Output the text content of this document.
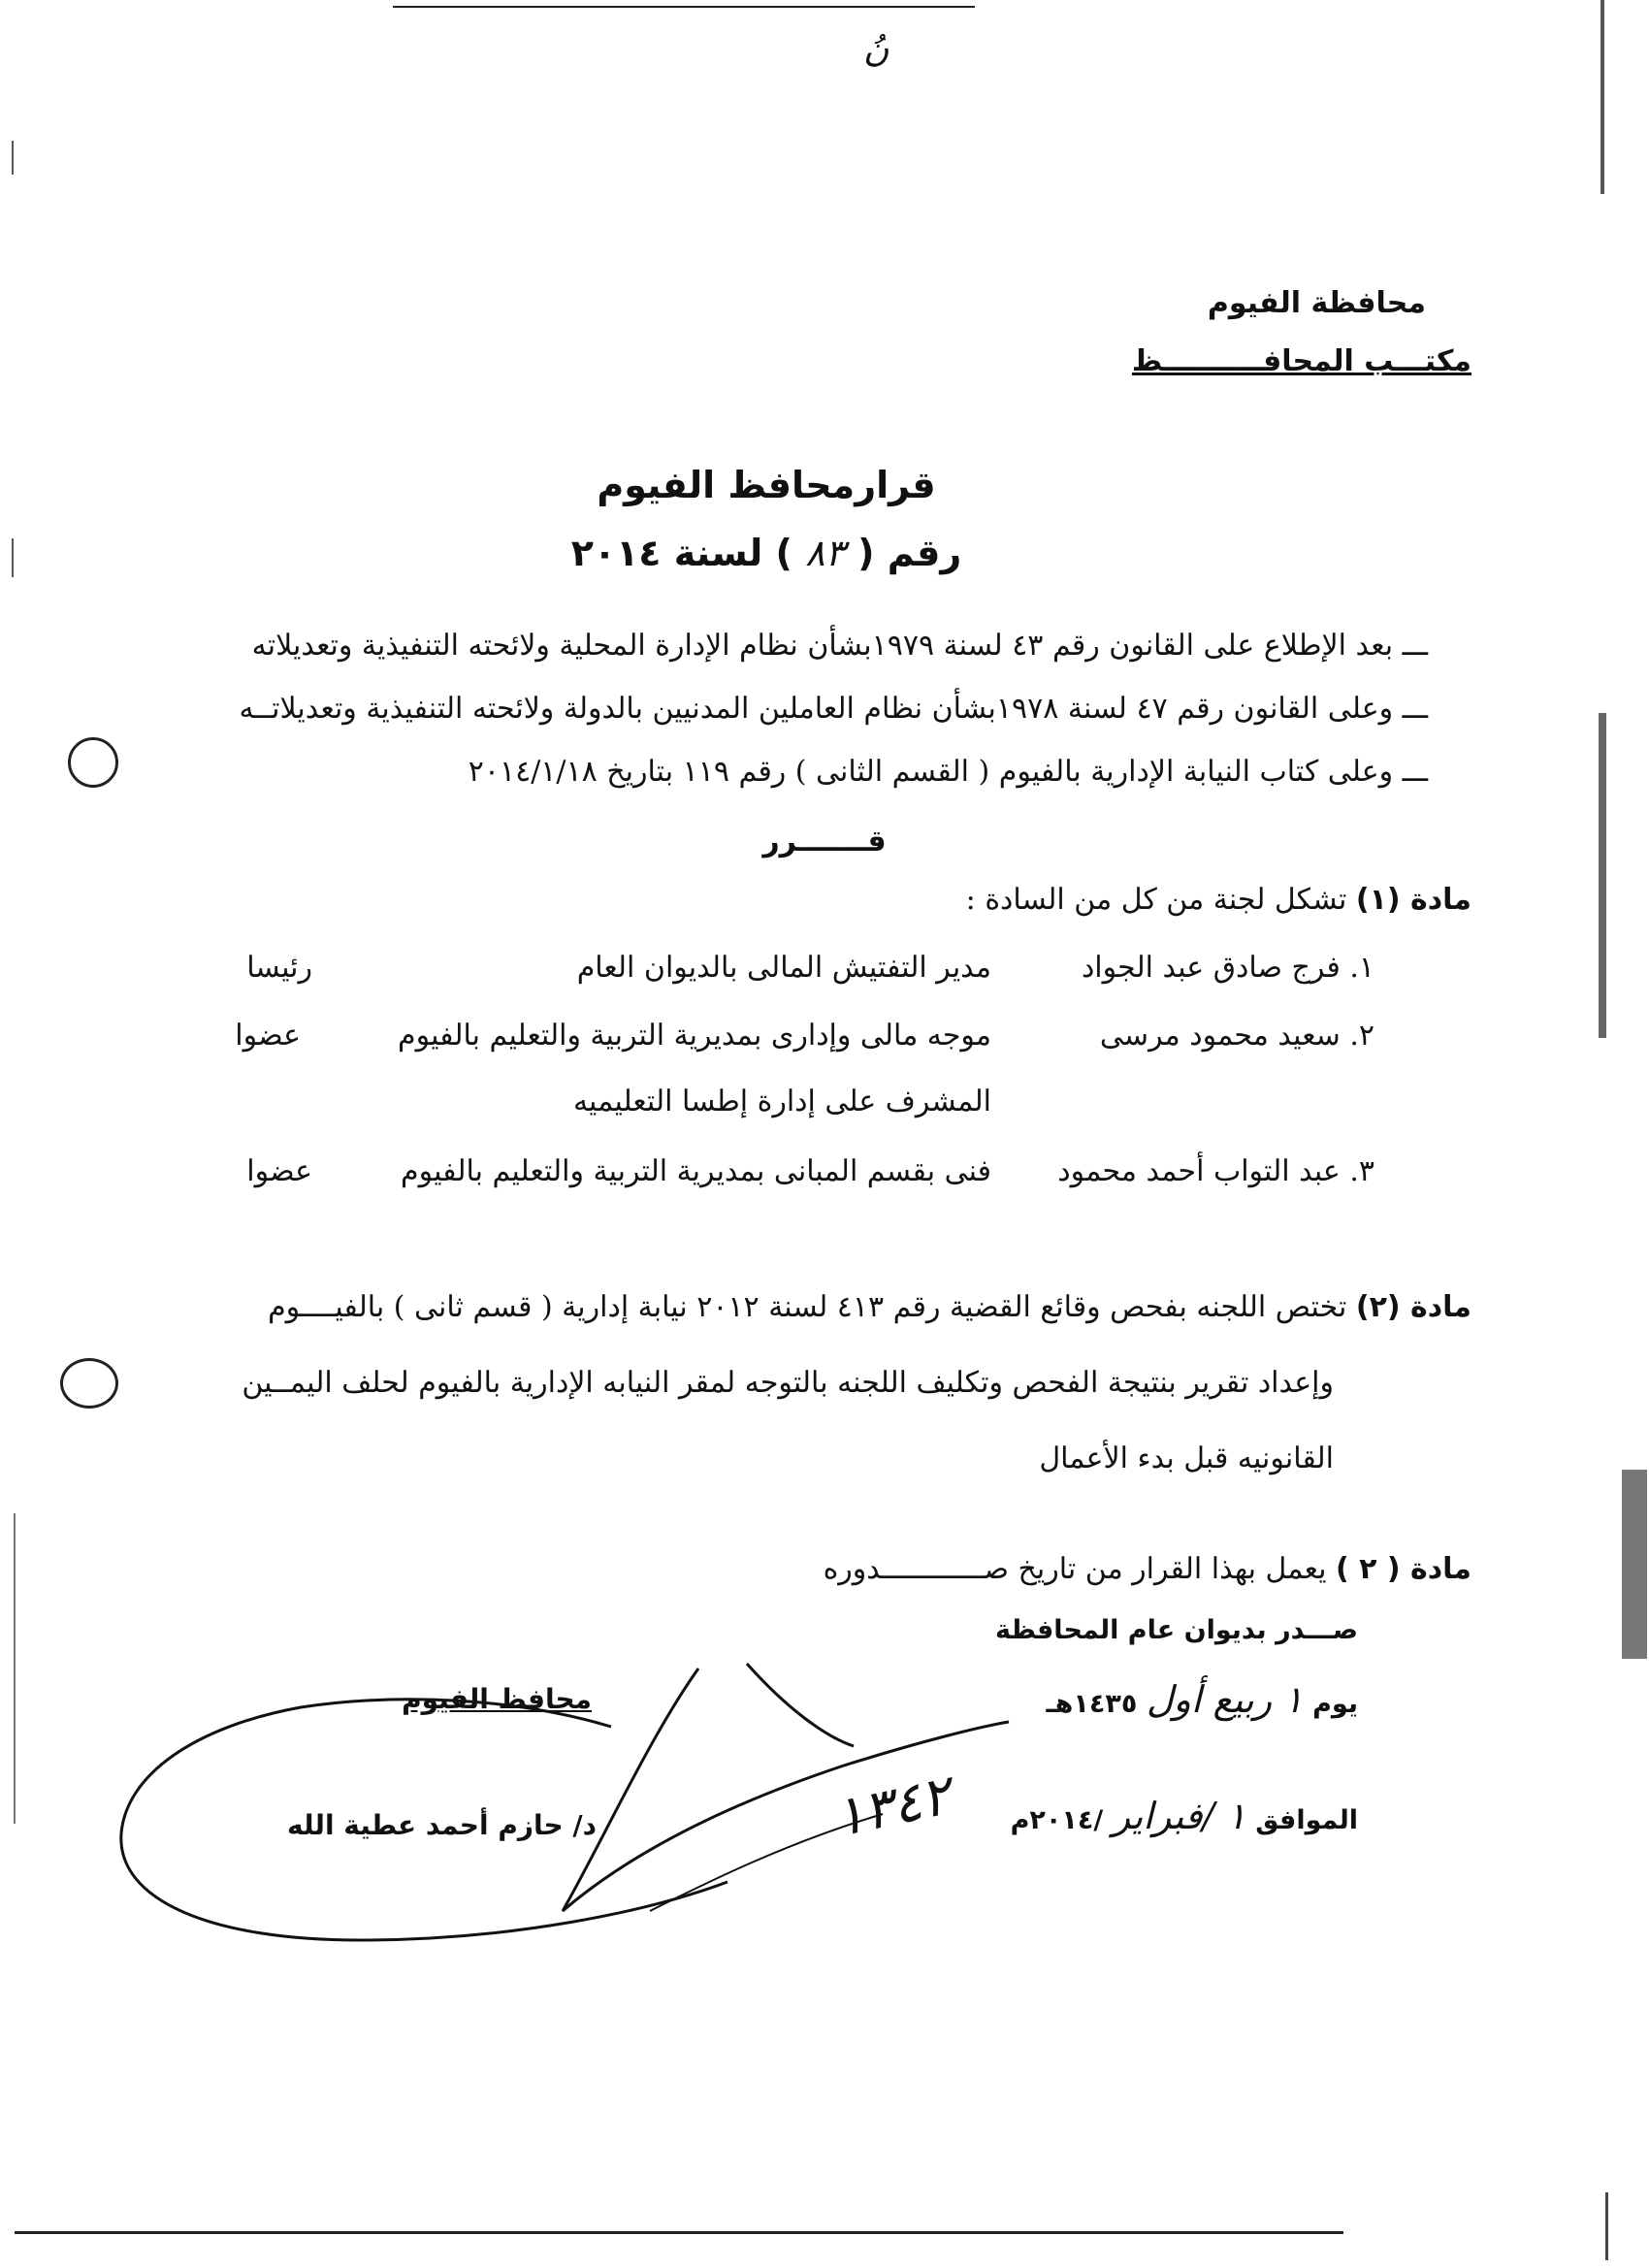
نُ
محافظة الفيوم
مكتـــب المحافــــــــــظ
قرارمحافظ الفيوم
رقم ( ٨٣ ) لسنة ٢٠١٤
ـــ بعد الإطلاع على القانون رقم ٤٣ لسنة ١٩٧٩بشأن نظام الإدارة المحلية ولائحته التنفيذية وتعديلاته
ـــ وعلى القانون رقم ٤٧ لسنة ١٩٧٨بشأن نظام العاملين المدنيين بالدولة ولائحته التنفيذية وتعديلاتــه
ـــ وعلى كتاب النيابة الإدارية بالفيوم ( القسم الثانى ) رقم ١١٩ بتاريخ ٢٠١٤/١/١٨
قـــــــرر
مادة (١) تشكل لجنة من كل من السادة :
١. فرج صادق عبد الجواد
مدير التفتيش المالى بالديوان العام
رئيسا
٢. سعيد محمود مرسى
موجه مالى وإدارى بمديرية التربية والتعليم بالفيوم
عضوا
المشرف على إدارة إطسا التعليميه
٣. عبد التواب أحمد محمود
فنى بقسم المبانى بمديرية التربية والتعليم بالفيوم
عضوا
مادة (٢) تختص اللجنه بفحص وقائع القضية رقم ٤١٣ لسنة ٢٠١٢ نيابة إدارية ( قسم ثانى ) بالفيــــوم
وإعداد تقرير بنتيجة الفحص وتكليف اللجنه بالتوجه لمقر النيابه الإدارية بالفيوم لحلف اليمــين
القانونيه قبل بدء الأعمال
مادة ( ٢ ) يعمل بهذا القرار من تاريخ صــــــــــــدوره
صـــدر بديوان عام المحافظة
يوم ١ ربيع أول ١٤٣٥هـ
الموافق ١ /فبراير /٢٠١٤م
١٣٤٢
محافظ الفيوم
د/ حازم أحمد عطية الله
